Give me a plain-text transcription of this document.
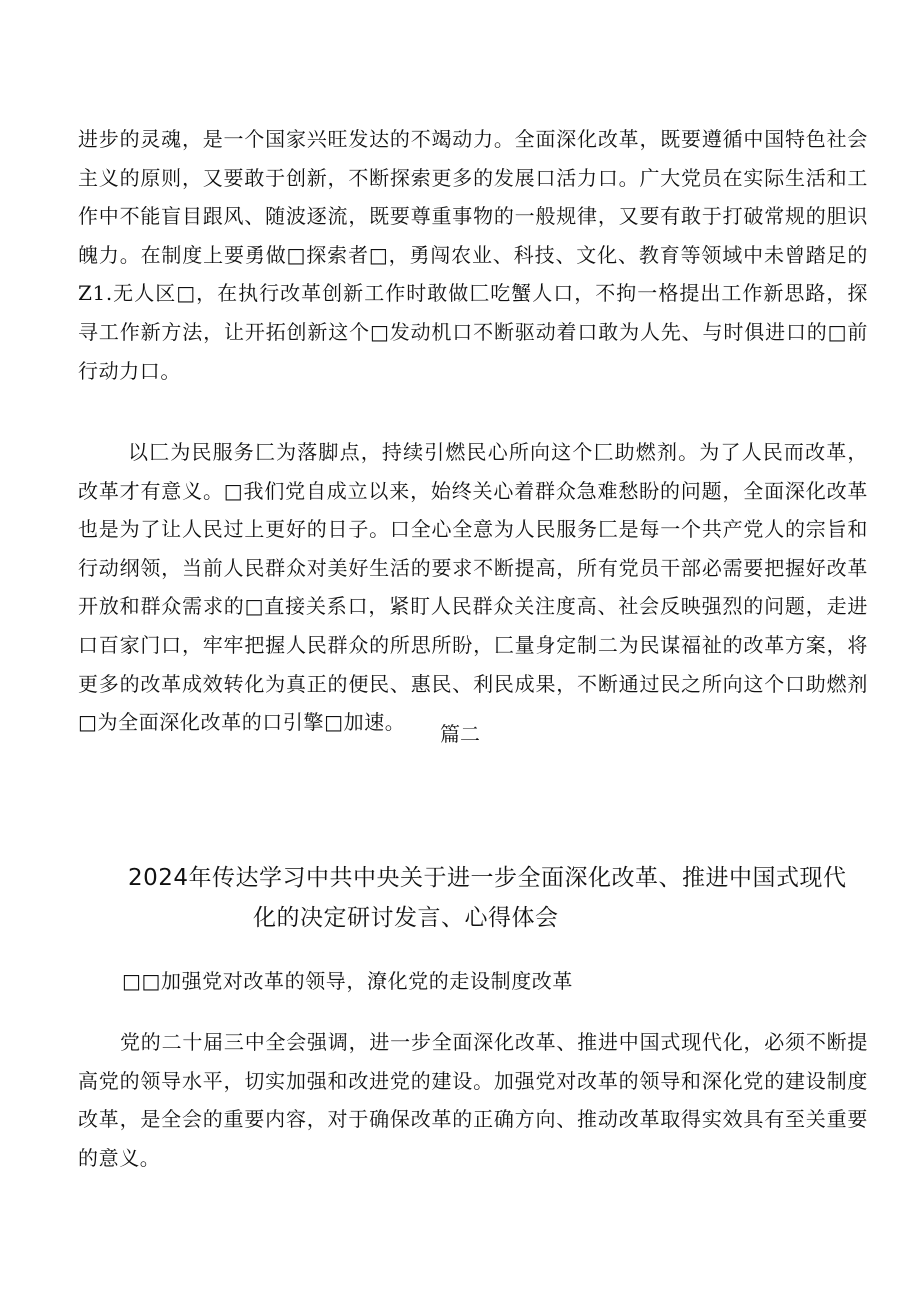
进步的灵魂，是一个国家兴旺发达的不竭动力。全面深化改革，既要遵循中国特色社会主义的原则，又要敢于创新，不断探索更多的发展口活力口。广大党员在实际生活和工作中不能盲目跟风、随波逐流，既要尊重事物的一般规律，又要有敢于打破常规的胆识魄力。在制度上要勇做□探索者□，勇闯农业、科技、文化、教育等领域中未曾踏足的Z1.无人区□，在执行改革创新工作时敢做匚吃蟹人口，不拘一格提出工作新思路，探寻工作新方法，让开拓创新这个□发动机口不断驱动着口敢为人先、与时俱进口的□前行动力口。

以匚为民服务匚为落脚点，持续引燃民心所向这个匚助燃剂。为了人民而改革，改革才有意义。□我们党自成立以来，始终关心着群众急难愁盼的问题，全面深化改革也是为了让人民过上更好的日子。口全心全意为人民服务匚是每一个共产党人的宗旨和行动纲领，当前人民群众对美好生活的要求不断提高，所有党员干部必需要把握好改革开放和群众需求的□直接关系口，紧盯人民群众关注度高、社会反映强烈的问题，走进口百家门口，牢牢把握人民群众的所思所盼，匚量身定制二为民谋福祉的改革方案，将更多的改革成效转化为真正的便民、惠民、利民成果，不断通过民之所向这个口助燃剂□为全面深化改革的口引擎□加速。	篇二

2024年传达学习中共中央关于进一步全面深化改革、推进中国式现代
化的决定研讨发言、心得体会

□□加强党对改革的领导，潦化党的走设制度改革

党的二十届三中全会强调，进一步全面深化改革、推进中国式现代化，必须不断提高党的领导水平，切实加强和改进党的建设。加强党对改革的领导和深化党的建设制度改革，是全会的重要内容，对于确保改革的正确方向、推动改革取得实效具有至关重要的意义。
